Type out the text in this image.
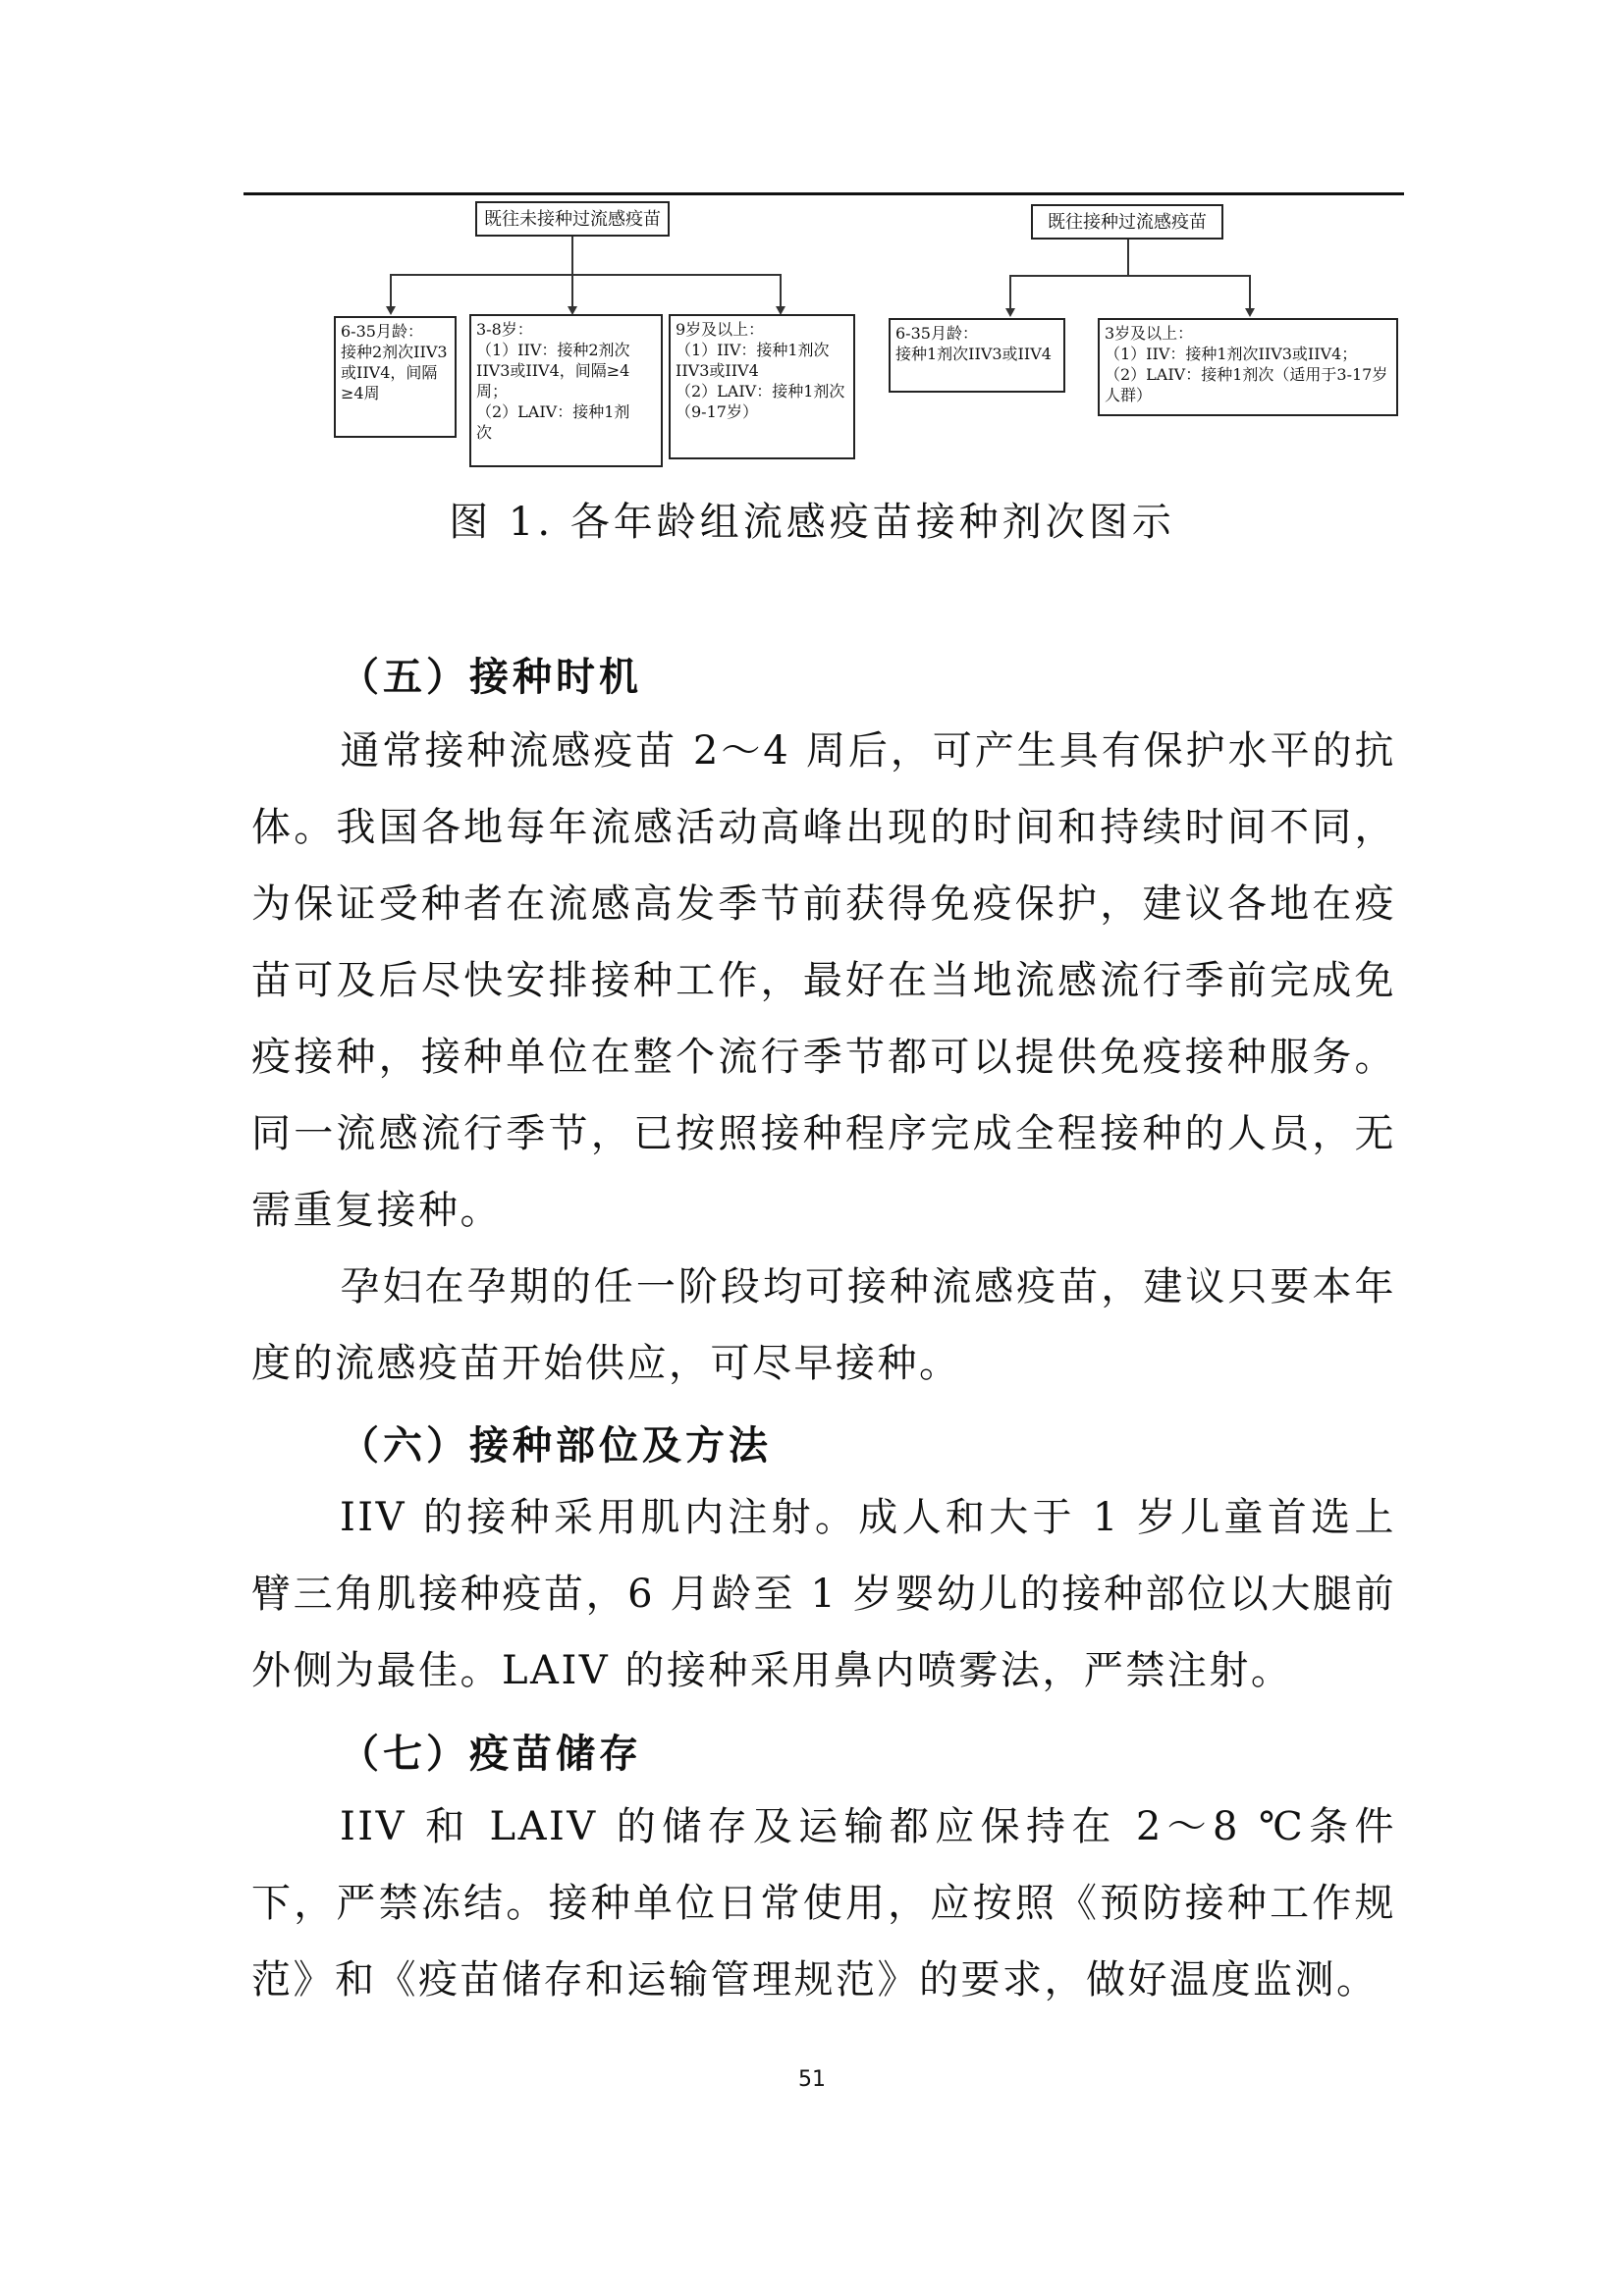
既往未接种过流感疫苗
6-35月龄：
接种2剂次IIV3
或IIV4，间隔
≥4周
3-8岁：
（1）IIV：接种2剂次
IIV3或IIV4，间隔≥4周；
（2）LAIV：接种1剂
次
9岁及以上：
（1）IIV：接种1剂次
IIV3或IIV4
（2）LAIV：接种1剂次
（9-17岁）
既往接种过流感疫苗
6-35月龄：
接种1剂次IIV3或IIV4
3岁及以上：
（1）IIV：接种1剂次IIV3或IIV4；
（2）LAIV：接种1剂次（适用于3-17岁人群）
图 1. 各年龄组流感疫苗接种剂次图示
（五）接种时机

通常接种流感疫苗 2～4 周后，可产生具有保护水平的抗体。我国各地每年流感活动高峰出现的时间和持续时间不同，为保证受种者在流感高发季节前获得免疫保护，建议各地在疫苗可及后尽快安排接种工作，最好在当地流感流行季前完成免疫接种，接种单位在整个流行季节都可以提供免疫接种服务。同一流感流行季节，已按照接种程序完成全程接种的人员，无需重复接种。

孕妇在孕期的任一阶段均可接种流感疫苗，建议只要本年度的流感疫苗开始供应，可尽早接种。

（六）接种部位及方法

IIV 的接种采用肌内注射。成人和大于 1 岁儿童首选上臂三角肌接种疫苗，6 月龄至 1 岁婴幼儿的接种部位以大腿前外侧为最佳。LAIV 的接种采用鼻内喷雾法，严禁注射。

（七）疫苗储存

IIV 和 LAIV 的储存及运输都应保持在 2～8 ℃条件下，严禁冻结。接种单位日常使用，应按照《预防接种工作规范》和《疫苗储存和运输管理规范》的要求，做好温度监测。

51
